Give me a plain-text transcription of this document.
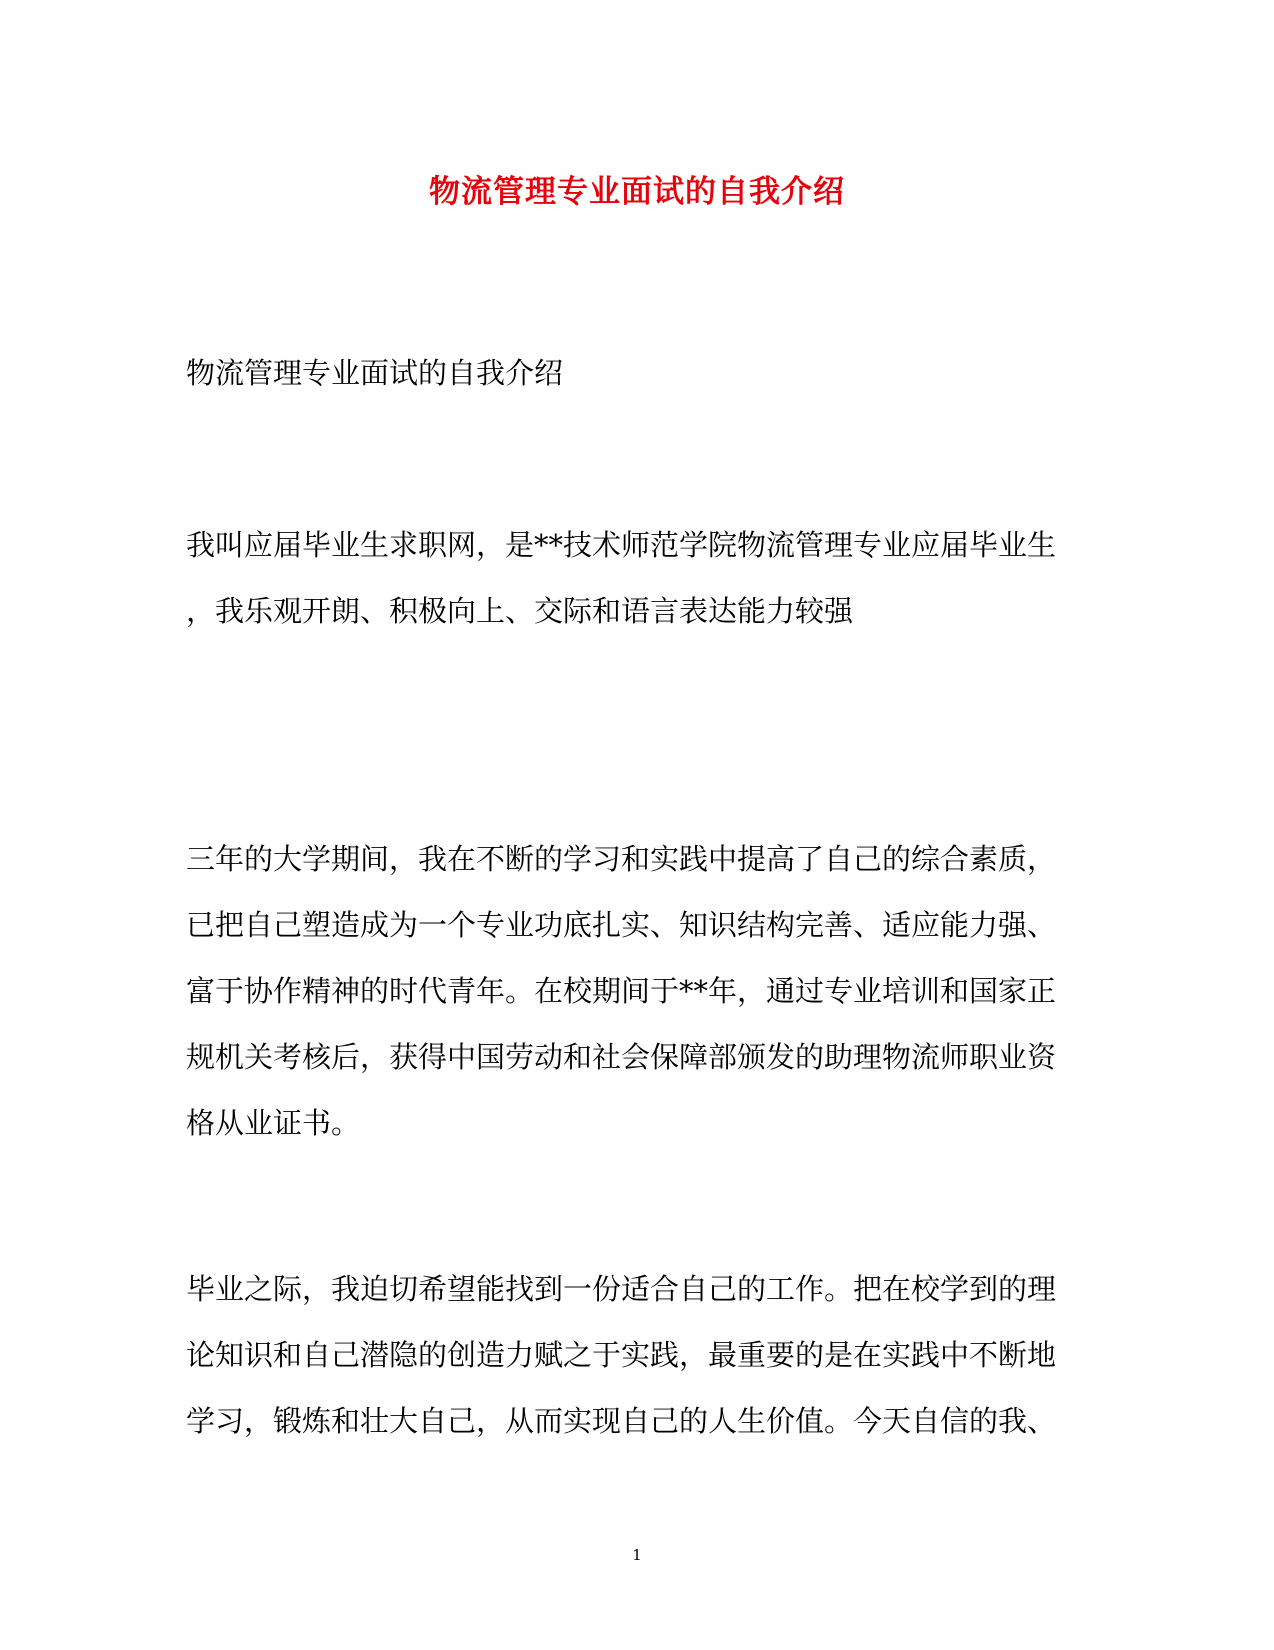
物流管理专业面试的自我介绍
物流管理专业面试的自我介绍
我叫应届毕业生求职网，是**技术师范学院物流管理专业应届毕业生
，我乐观开朗、积极向上、交际和语言表达能力较强
三年的大学期间，我在不断的学习和实践中提高了自己的综合素质，
已把自己塑造成为一个专业功底扎实、知识结构完善、适应能力强、
富于协作精神的时代青年。在校期间于**年，通过专业培训和国家正
规机关考核后，获得中国劳动和社会保障部颁发的助理物流师职业资
格从业证书。
毕业之际，我迫切希望能找到一份适合自己的工作。把在校学到的理
论知识和自己潜隐的创造力赋之于实践，最重要的是在实践中不断地
学习，锻炼和壮大自己，从而实现自己的人生价值。今天自信的我、
1
